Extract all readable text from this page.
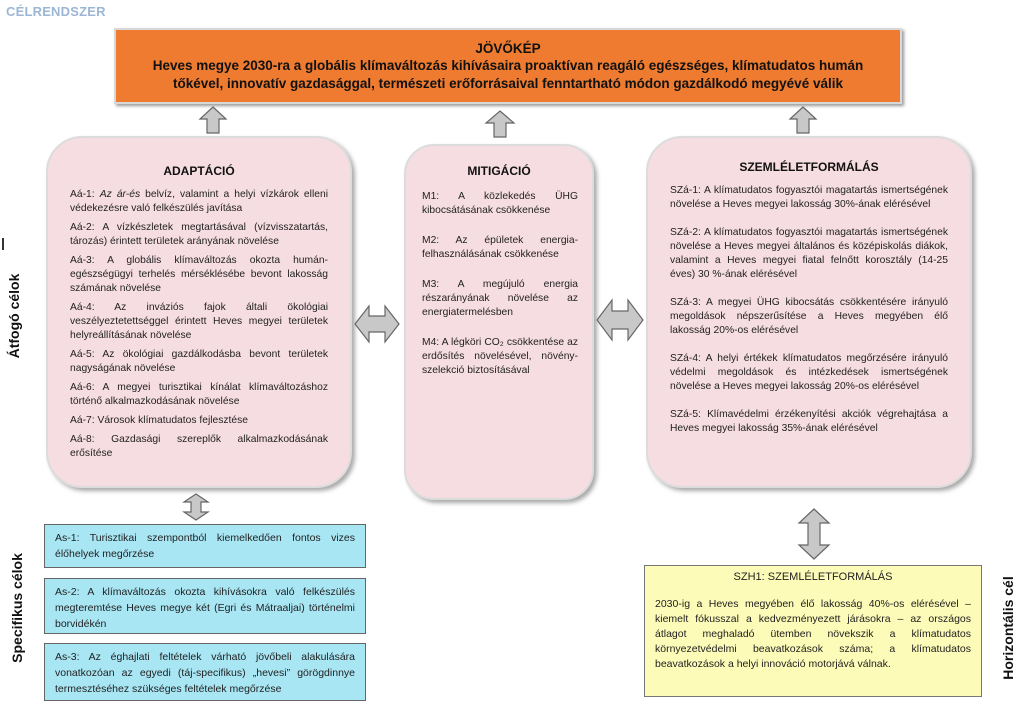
CÉLRENDSZER
JÖVŐKÉP
Heves megye 2030-ra a globális klímaváltozás kihívásaira proaktívan reagáló egészséges, klímatudatos humán tőkével, innovatív gazdasággal, természeti erőforrásaival fenntartható módon gazdálkodó megyévé válik
Átfogó célok
Specifikus célok	Horizontális cél
ADAPTÁCIÓ

Aá-1: Az ár-és belvíz, valamint a helyi vízkárok elleni védekezésre való felkészülés javítása

Aá-2: A vízkészletek megtartásával (vízvisszatartás, tározás) érintett területek arányának növelése

Aá-3: A globális klímaváltozás okozta humán-egészségügyi terhelés mérséklésébe bevont lakosság számának növelése

Aá-4: Az inváziós fajok általi ökológiai veszélyeztetettséggel érintett Heves megyei területek helyreállításának növelése

Aá-5: Az ökológiai gazdálkodásba bevont területek nagyságának növelése

Aá-6: A megyei turisztikai kínálat klímaváltozáshoz történő alkalmazkodásának növelése

Aá-7: Városok klímatudatos fejlesztése

Aá-8: Gazdasági szereplők alkalmazkodásának erősítése

MITIGÁCIÓ

M1: A közlekedés ÜHG kibocsátásának csökkenése

M2: Az épületek energia-felhasználásának csökkenése

M3: A megújuló energia részarányának növelése az energiatermelésben

M4: A légköri CO₂ csökkentése az erdősítés növelésével, növény-szelekció biztosításával

SZEMLÉLETFORMÁLÁS

SZá-1: A klímatudatos fogyasztói magatartás ismertségének növelése a Heves megyei lakosság 30%-ának elérésével

SZá-2: A klímatudatos fogyasztói magatartás ismertségének növelése a Heves megyei általános és középiskolás diákok, valamint a Heves megyei fiatal felnőtt korosztály (14-25 éves) 30 %-ának elérésével

SZá-3: A megyei ÜHG kibocsátás csökkentésére irányuló megoldások népszerűsítése a Heves megyében élő lakosság 20%-os elérésével

SZá-4: A helyi értékek klímatudatos megőrzésére irányuló védelmi megoldások és intézkedések ismertségének növelése a Heves megyei lakosság 20%-os elérésével

SZá-5: Klímavédelmi érzékenyítési akciók végrehajtása a Heves megyei lakosság 35%-ának elérésével

As-1: Turisztikai szempontból kiemelkedően fontos vizes élőhelyek megőrzése
As-2: A klímaváltozás okozta kihívásokra való felkészülés megteremtése Heves megye két (Egri és Mátraaljai) történelmi borvidékén
As-3: Az éghajlati feltételek várható jövőbeli alakulására vonatkozóan az egyedi (táj-specifikus) „hevesi” görögdinnye termesztéséhez szükséges feltételek megőrzése
SZH1: SZEMLÉLETFORMÁLÁS
2030-ig a Heves megyében élő lakosság 40%-os elérésével – kiemelt fókusszal a kedvezményezett járásokra – az országos átlagot meghaladó ütemben növekszik a klímatudatos környezetvédelmi beavatkozások száma; a klímatudatos beavatkozások a helyi innováció motorjává válnak.
